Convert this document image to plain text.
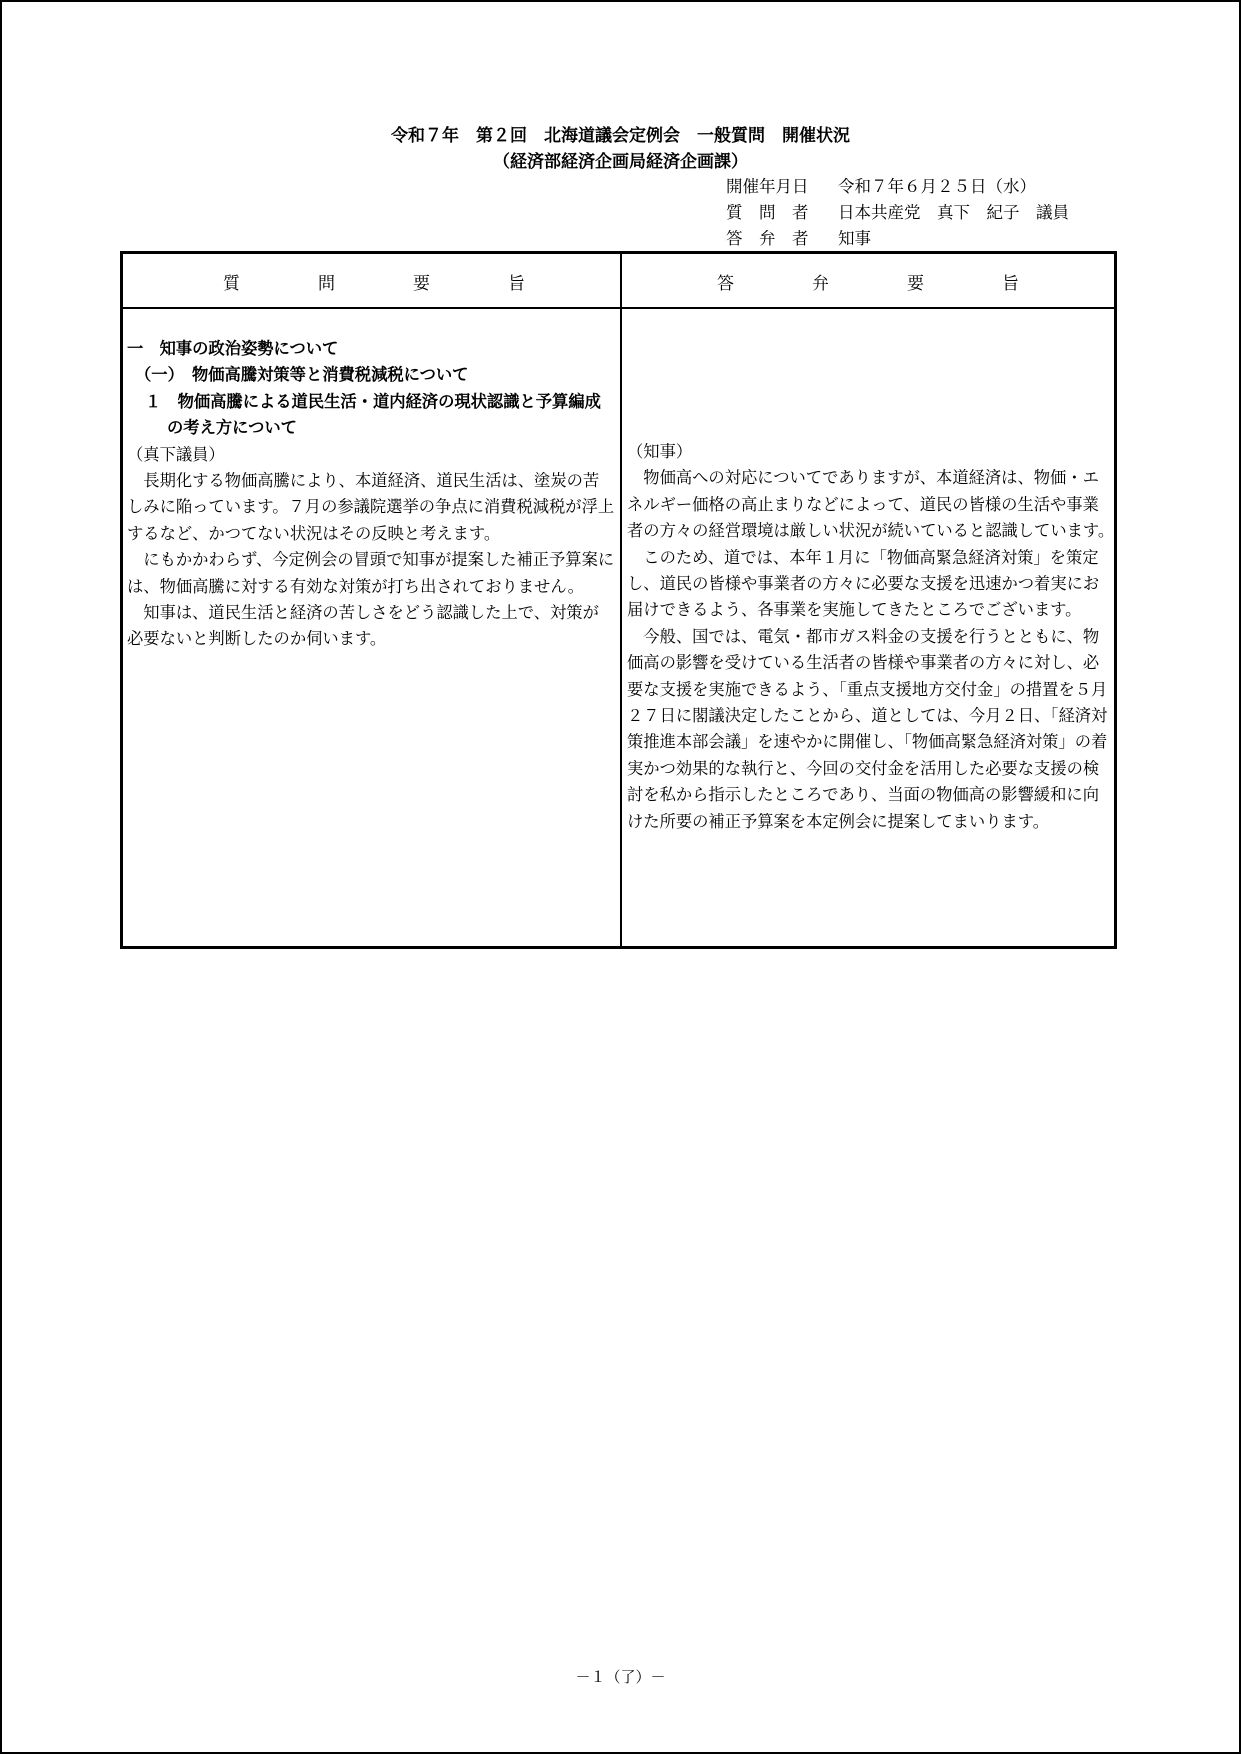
令和７年　第２回　北海道議会定例会　一般質問　開催状況
（経済部経済企画局経済企画課）
開催年月日 令和７年６月２５日（水）
質　問　者 日本共産党　真下　紀子　議員
答　弁　者 知事
質	問	要	旨	答	弁	要	旨

一　知事の政治姿勢について

（一）　物価高騰対策等と消費税減税について

１　物価高騰による道民生活・道内経済の現状認識と予算編成の考え方について

（真下議員）

長期化する物価高騰により、本道経済、道民生活は、塗炭の苦しみに陥っています。７月の参議院選挙の争点に消費税減税が浮上するなど、かつてない状況はその反映と考えます。

にもかかわらず、今定例会の冒頭で知事が提案した補正予算案には、物価高騰に対する有効な対策が打ち出されておりません。

知事は、道民生活と経済の苦しさをどう認識した上で、対策が必要ないと判断したのか伺います。

（知事）

物価高への対応についてでありますが、本道経済は、物価・エネルギー価格の高止まりなどによって、道民の皆様の生活や事業者の方々の経営環境は厳しい状況が続いていると認識しています。

このため、道では、本年１月に「物価高緊急経済対策」を策定し、道民の皆様や事業者の方々に必要な支援を迅速かつ着実にお届けできるよう、各事業を実施してきたところでございます。

今般、国では、電気・都市ガス料金の支援を行うとともに、物価高の影響を受けている生活者の皆様や事業者の方々に対し、必要な支援を実施できるよう、「重点支援地方交付金」の措置を５月２７日に閣議決定したことから、道としては、今月２日、「経済対策推進本部会議」を速やかに開催し、「物価高緊急経済対策」の着実かつ効果的な執行と、今回の交付金を活用した必要な支援の検討を私から指示したところであり、当面の物価高の影響緩和に向けた所要の補正予算案を本定例会に提案してまいります。

－１（了）－
